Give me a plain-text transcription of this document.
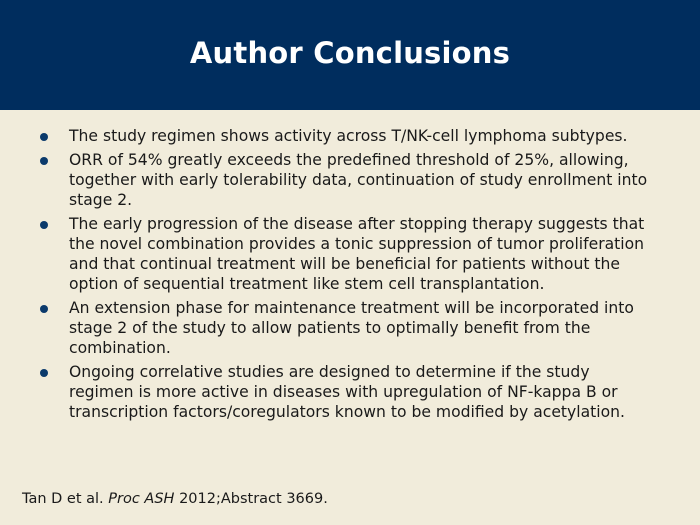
Author Conclusions
The study regimen shows activity across T/NK-cell lymphoma subtypes.
ORR of 54% greatly exceeds the predefined threshold of 25%, allowing, together with early tolerability data, continuation of study enrollment into stage 2.
The early progression of the disease after stopping therapy suggests that the novel combination provides a tonic suppression of tumor proliferation and that continual treatment will be beneficial for patients without the option of sequential treatment like stem cell transplantation.
An extension phase for maintenance treatment will be incorporated into stage 2 of the study to allow patients to optimally benefit from the combination.
Ongoing correlative studies are designed to determine if the study regimen is more active in diseases with upregulation of NF-kappa B or transcription factors/coregulators known to be modified by acetylation.
Tan D et al. Proc ASH 2012;Abstract 3669.
